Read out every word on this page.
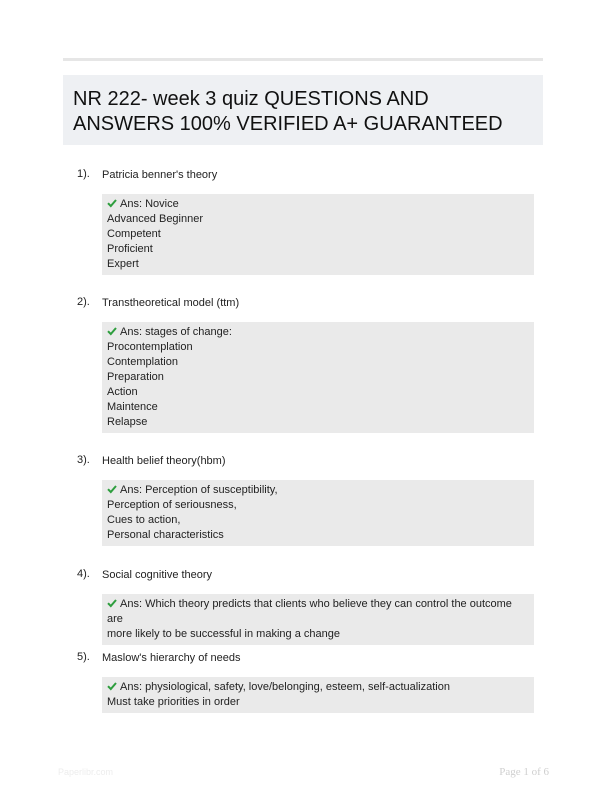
NR 222- week 3 quiz QUESTIONS AND ANSWERS 100% VERIFIED A+ GUARANTEED
1). Patricia benner's theory
Ans: Novice
Advanced Beginner
Competent
Proficient
Expert
2). Transtheoretical model (ttm)
Ans: stages of change:
Procontemplation
Contemplation
Preparation
Action
Maintence
Relapse
3). Health belief theory(hbm)
Ans: Perception of susceptibility,
Perception of seriousness,
Cues to action,
Personal characteristics
4). Social cognitive theory
Ans: Which theory predicts that clients who believe they can control the outcome are
more likely to be successful in making a change
5). Maslow's hierarchy of needs
Ans: physiological, safety, love/belonging, esteem, self-actualization
Must take priorities in order
Paperlibr.com	Page 1 of 6
